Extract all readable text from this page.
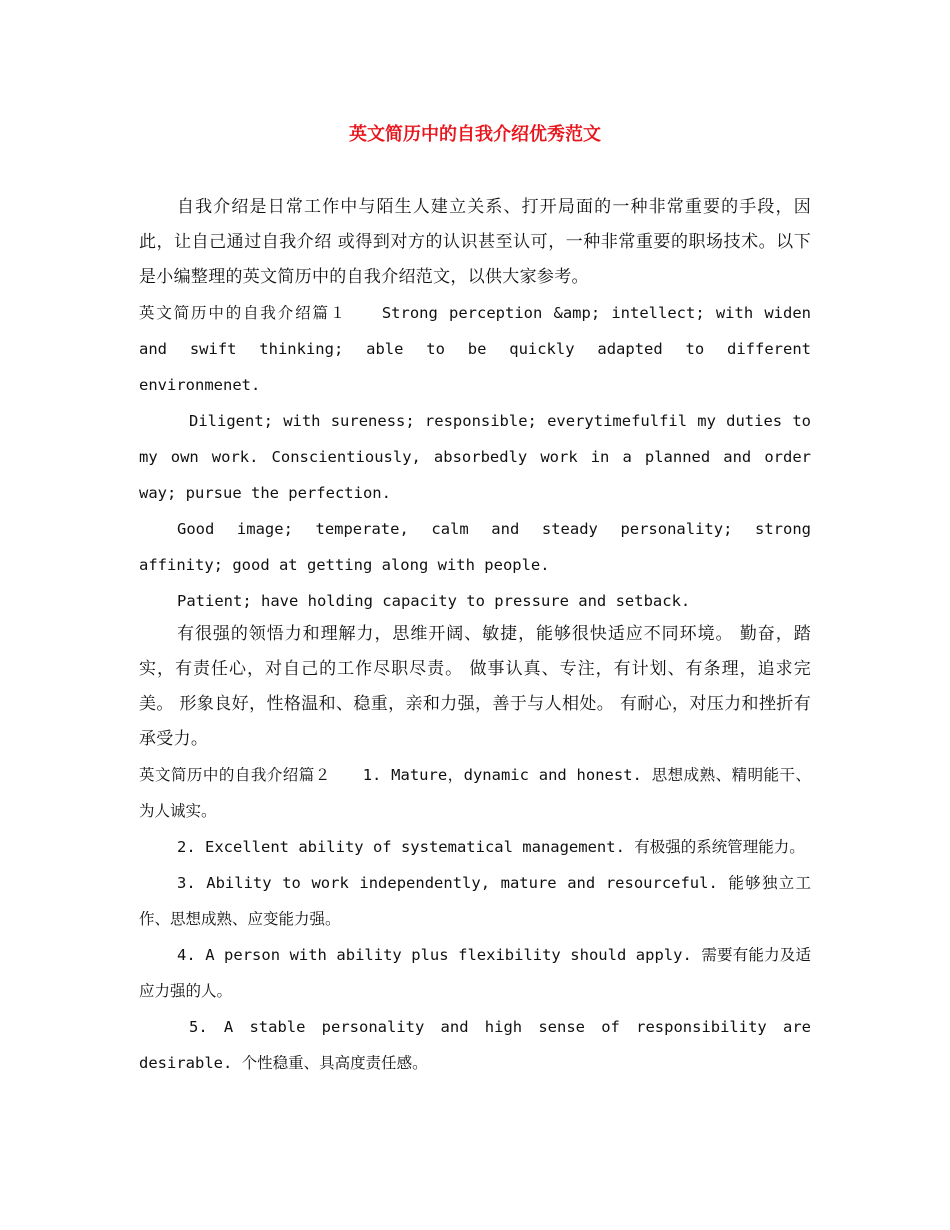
英文简历中的自我介绍优秀范文

自我介绍是日常工作中与陌生人建立关系、打开局面的一种非常重要的手段，因此，让自己通过自我介绍 或得到对方的认识甚至认可，一种非常重要的职场技术。以下是小编整理的英文简历中的自我介绍范文，以供大家参考。

英文简历中的自我介绍篇１　　Strong perception &amp; intellect; with widen and swift thinking; able to be quickly adapted to different environmenet.

Diligent; with sureness; responsible; everytimefulfil my duties to my own work. Conscientiously, absorbedly work in a planned and order way; pursue the perfection.

Good image; temperate, calm and steady personality; strong affinity; good at getting along with people.

Patient; have holding capacity to pressure and setback.

有很强的领悟力和理解力，思维开阔、敏捷，能够很快适应不同环境。 勤奋，踏实，有责任心，对自己的工作尽职尽责。 做事认真、专注，有计划、有条理，追求完美。 形象良好，性格温和、稳重，亲和力强，善于与人相处。 有耐心，对压力和挫折有承受力。

英文简历中的自我介绍篇２　　1. Mature，dynamic and honest. 思想成熟、精明能干、为人诚实。

2. Excellent ability of systematical management. 有极强的系统管理能力。

3. Ability to work independently, mature and resourceful. 能够独立工作、思想成熟、应变能力强。

4. A person with ability plus flexibility should apply. 需要有能力及适应力强的人。

5. A stable personality and high sense of responsibility are desirable. 个性稳重、具高度责任感。
